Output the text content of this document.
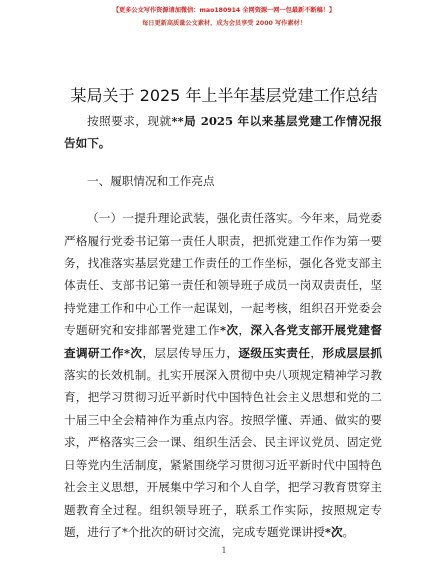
【更多公文写作资源请加微信：mao180914 全网资源一网一包最新不断稿！】
每日更新高质量公文素材，成为会员享受 2000 写作素材！
某局关于 2025 年上半年基层党建工作总结

按照要求，现就**局 2025 年以来基层党建工作情况报告如下。

一、履职情况和工作亮点

（一）一提升理论武装，强化责任落实。今年来，局党委严格履行党委书记第一责任人职责，把抓党建工作作为第一要务，找准落实基层党建工作责任的工作坐标，强化各党支部主体责任、支部书记第一责任和领导班子成员一岗双责责任，坚持党建工作和中心工作一起谋划，一起考核，组织召开党委会专题研究和安排部署党建工作*次，深入各党支部开展党建督查调研工作*次，层层传导压力，逐级压实责任，形成层层抓落实的长效机制。扎实开展深入贯彻中央八项规定精神学习教育，把学习贯彻习近平新时代中国特色社会主义思想和党的二十届三中全会精神作为重点内容。按照学懂、弄通、做实的要求，严格落实三会一课、组织生活会、民主评议党员、固定党日等党内生活制度，紧紧围绕学习贯彻习近平新时代中国特色社会主义思想，开展集中学习和个人自学，把学习教育贯穿主题教育全过程。组织领导班子，联系工作实际，按照规定专题，进行了*个批次的研讨交流，完成专题党课讲授*次。

1
